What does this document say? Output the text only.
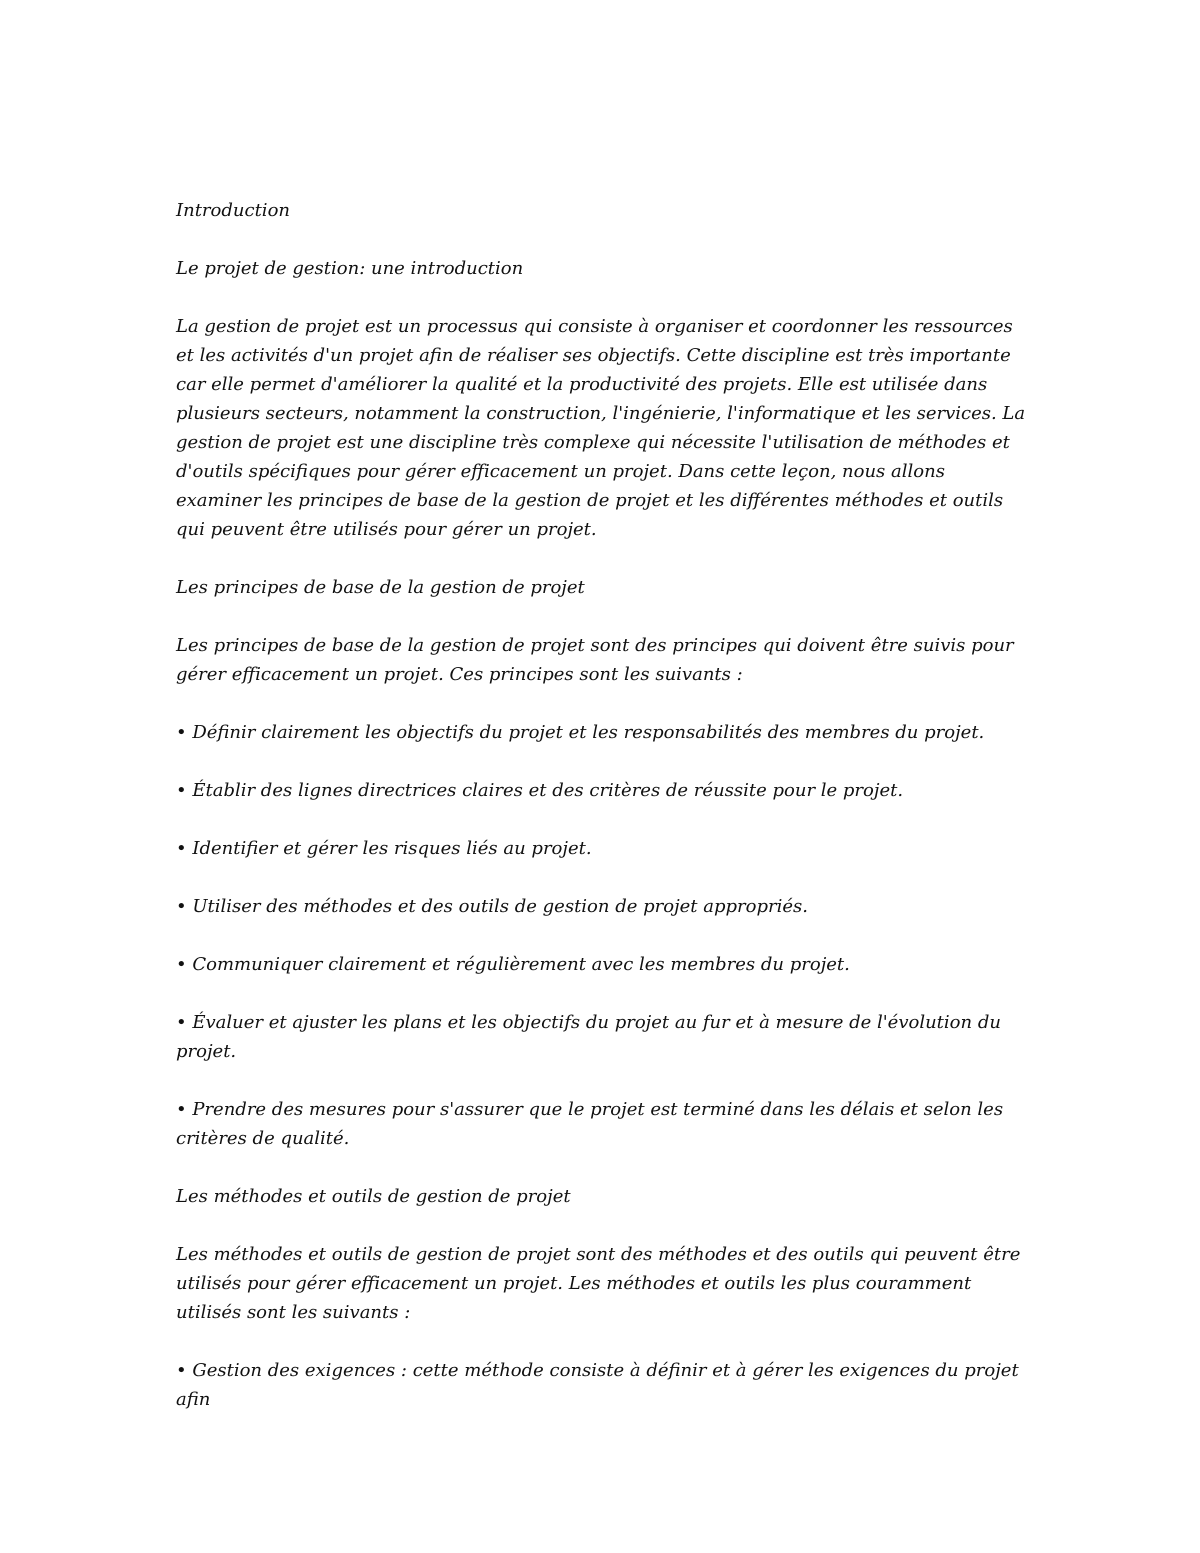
Introduction

Le projet de gestion: une introduction

La gestion de projet est un processus qui consiste à organiser et coordonner les ressources et les activités d'un projet afin de réaliser ses objectifs. Cette discipline est très importante car elle permet d'améliorer la qualité et la productivité des projets. Elle est utilisée dans plusieurs secteurs, notamment la construction, l'ingénierie, l'informatique et les services. La gestion de projet est une discipline très complexe qui nécessite l'utilisation de méthodes et d'outils spécifiques pour gérer efficacement un projet. Dans cette leçon, nous allons examiner les principes de base de la gestion de projet et les différentes méthodes et outils qui peuvent être utilisés pour gérer un projet.

Les principes de base de la gestion de projet

Les principes de base de la gestion de projet sont des principes qui doivent être suivis pour gérer efficacement un projet. Ces principes sont les suivants :

• Définir clairement les objectifs du projet et les responsabilités des membres du projet.

• Établir des lignes directrices claires et des critères de réussite pour le projet.

• Identifier et gérer les risques liés au projet.

• Utiliser des méthodes et des outils de gestion de projet appropriés.

• Communiquer clairement et régulièrement avec les membres du projet.

• Évaluer et ajuster les plans et les objectifs du projet au fur et à mesure de l'évolution du projet.

• Prendre des mesures pour s'assurer que le projet est terminé dans les délais et selon les critères de qualité.

Les méthodes et outils de gestion de projet

Les méthodes et outils de gestion de projet sont des méthodes et des outils qui peuvent être utilisés pour gérer efficacement un projet. Les méthodes et outils les plus couramment utilisés sont les suivants :

• Gestion des exigences : cette méthode consiste à définir et à gérer les exigences du projet afin
